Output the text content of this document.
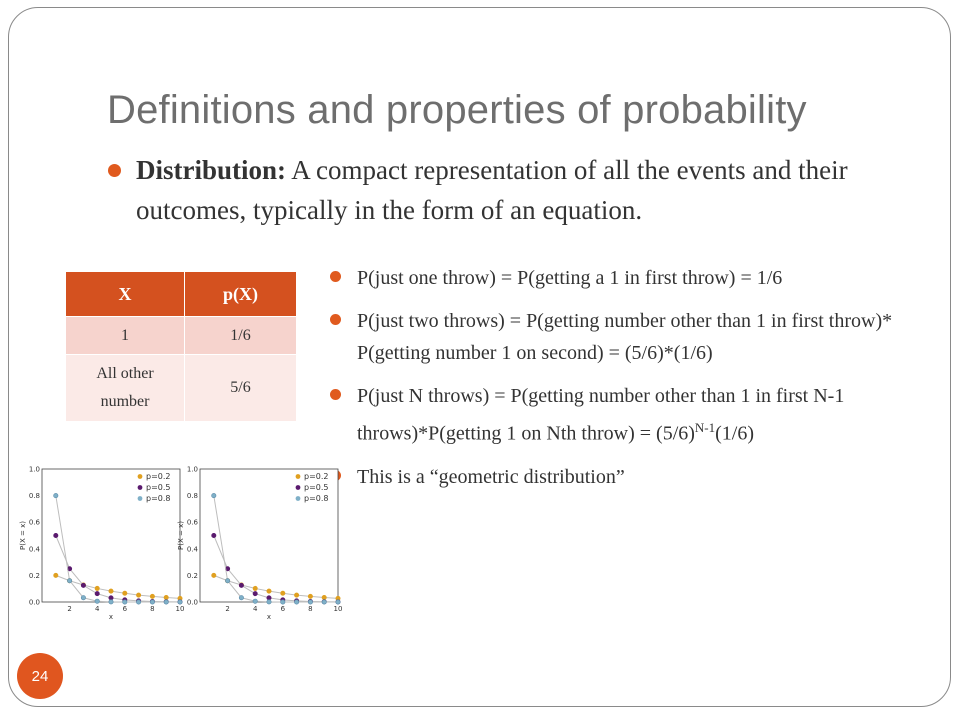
Definitions and properties of probability
Distribution: A compact representation of all the events and their outcomes, typically in the form of an equation.
X	p(X)
1	1/6
All other number	5/6
P(just one throw) = P(getting a 1 in first throw) = 1/6
P(just two throws) = P(getting number other than 1 in first throw)* P(getting number 1 on second) = (5/6)*(1/6)
P(just N throws) = P(getting number other than 1 in first N-1 throws)*P(getting 1 on Nth throw) = $(5/6)^{N-1}(1/6)$
This is a “geometric distribution”
0.0
0.2
0.4
0.6
0.8
1.0
2	4	6	8	10
x
P(X = x)
p=0.2
p=0.5
p=0.8
0.0
0.2
0.4
0.6
0.8
1.0
2	4	6	8	10
x
P(X = x)
p=0.2
p=0.5
p=0.8
24
